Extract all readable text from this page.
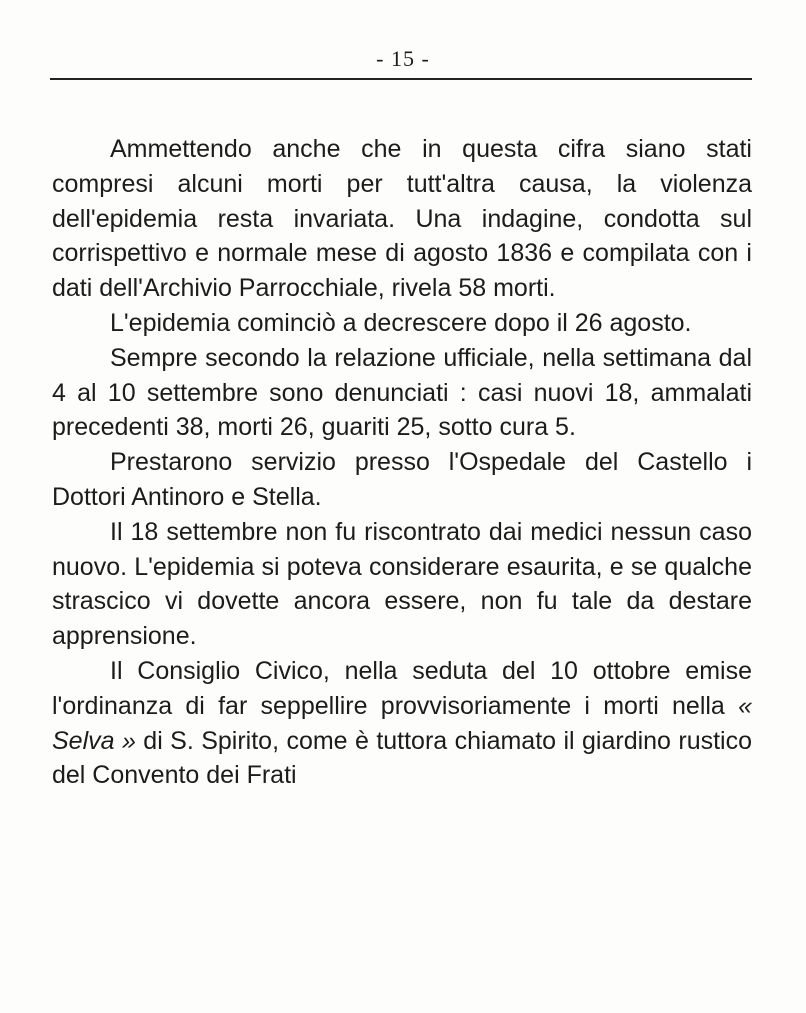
- 15 -

Ammettendo anche che in questa cifra siano stati compresi alcuni morti per tutt'altra causa, la violenza dell'epidemia resta invariata. Una indagine, condotta sul corrispettivo e normale mese di agosto 1836 e compilata con i dati dell'Archivio Parrocchiale, rivela 58 morti.

L'epidemia cominciò a decrescere dopo il 26 agosto.

Sempre secondo la relazione ufficiale, nella settimana dal 4 al 10 settembre sono denunciati : casi nuovi 18, ammalati precedenti 38, morti 26, guariti 25, sotto cura 5.

Prestarono servizio presso l'Ospedale del Castello i Dottori Antinoro e Stella.

Il 18 settembre non fu riscontrato dai medici nessun caso nuovo. L'epidemia si poteva considerare esaurita, e se qualche strascico vi dovette ancora essere, non fu tale da destare apprensione.

Il Consiglio Civico, nella seduta del 10 ottobre emise l'ordinanza di far seppellire provvisoriamente i morti nella « Selva » di S. Spirito, come è tuttora chiamato il giardino rustico del Convento dei Frati
